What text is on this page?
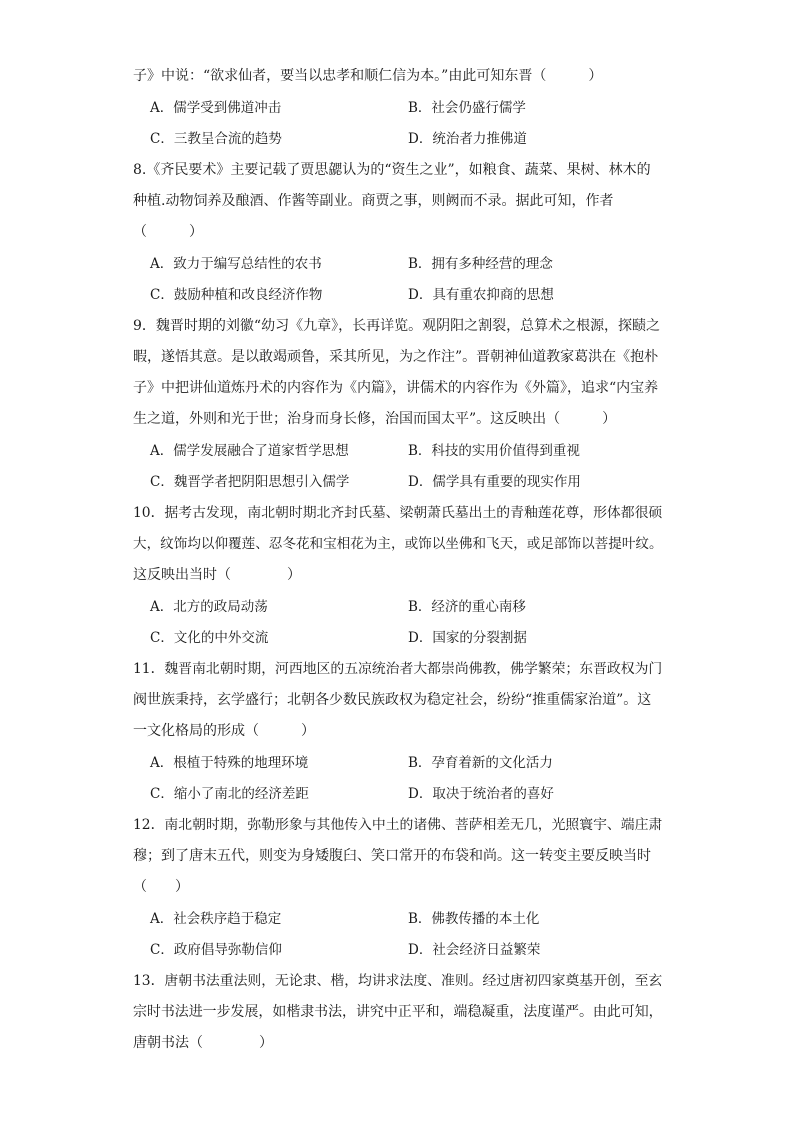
子》中说：“欲求仙者，要当以忠孝和顺仁信为本。”由此可知东晋（　　　）
A．儒学受到佛道冲击	B．社会仍盛行儒学
C．三教呈合流的趋势	D．统治者力推佛道
8.《齐民要术》主要记载了贾思勰认为的“资生之业”，如粮食、蔬菜、果树、林木的
种植.动物饲养及酿酒、作酱等副业。商贾之事，则阙而不录。据此可知，作者
（　　　）
A．致力于编写总结性的农书	B．拥有多种经营的理念
C．鼓励种植和改良经济作物	D．具有重农抑商的思想
9．魏晋时期的刘徽“幼习《九章》，长再详览。观阴阳之割裂，总算术之根源，探赜之
暇，遂悟其意。是以敢竭顽鲁，采其所见，为之作注”。晋朝神仙道教家葛洪在《抱朴
子》中把讲仙道炼丹术的内容作为《内篇》，讲儒术的内容作为《外篇》，追求“内宝养
生之道，外则和光于世；治身而身长修，治国而国太平”。这反映出（　　　）
A．儒学发展融合了道家哲学思想	B．科技的实用价值得到重视
C．魏晋学者把阴阳思想引入儒学	D．儒学具有重要的现实作用
10．据考古发现，南北朝时期北齐封氏墓、梁朝萧氏墓出土的青釉莲花尊，形体都很硕
大，纹饰均以仰覆莲、忍冬花和宝相花为主，或饰以坐佛和飞天，或足部饰以菩提叶纹。
这反映出当时（　　　　）
A．北方的政局动荡	B．经济的重心南移
C．文化的中外交流	D．国家的分裂割据
11．魏晋南北朝时期，河西地区的五凉统治者大都崇尚佛教，佛学繁荣；东晋政权为门
阀世族秉持，玄学盛行；北朝各少数民族政权为稳定社会，纷纷“推重儒家治道”。这
一文化格局的形成（　　　）
A．根植于特殊的地理环境	B．孕育着新的文化活力
C．缩小了南北的经济差距	D．取决于统治者的喜好
12．南北朝时期，弥勒形象与其他传入中土的诸佛、菩萨相差无几，光照寰宇、端庄肃
穆；到了唐末五代，则变为身矮腹臼、笑口常开的布袋和尚。这一转变主要反映当时
（　　）
A．社会秩序趋于稳定	B．佛教传播的本土化
C．政府倡导弥勒信仰	D．社会经济日益繁荣
13．唐朝书法重法则，无论隶、楷，均讲求法度、准则。经过唐初四家奠基开创，至玄
宗时书法进一步发展，如楷隶书法，讲究中正平和，端稳凝重，法度谨严。由此可知，
唐朝书法（　　　　）
